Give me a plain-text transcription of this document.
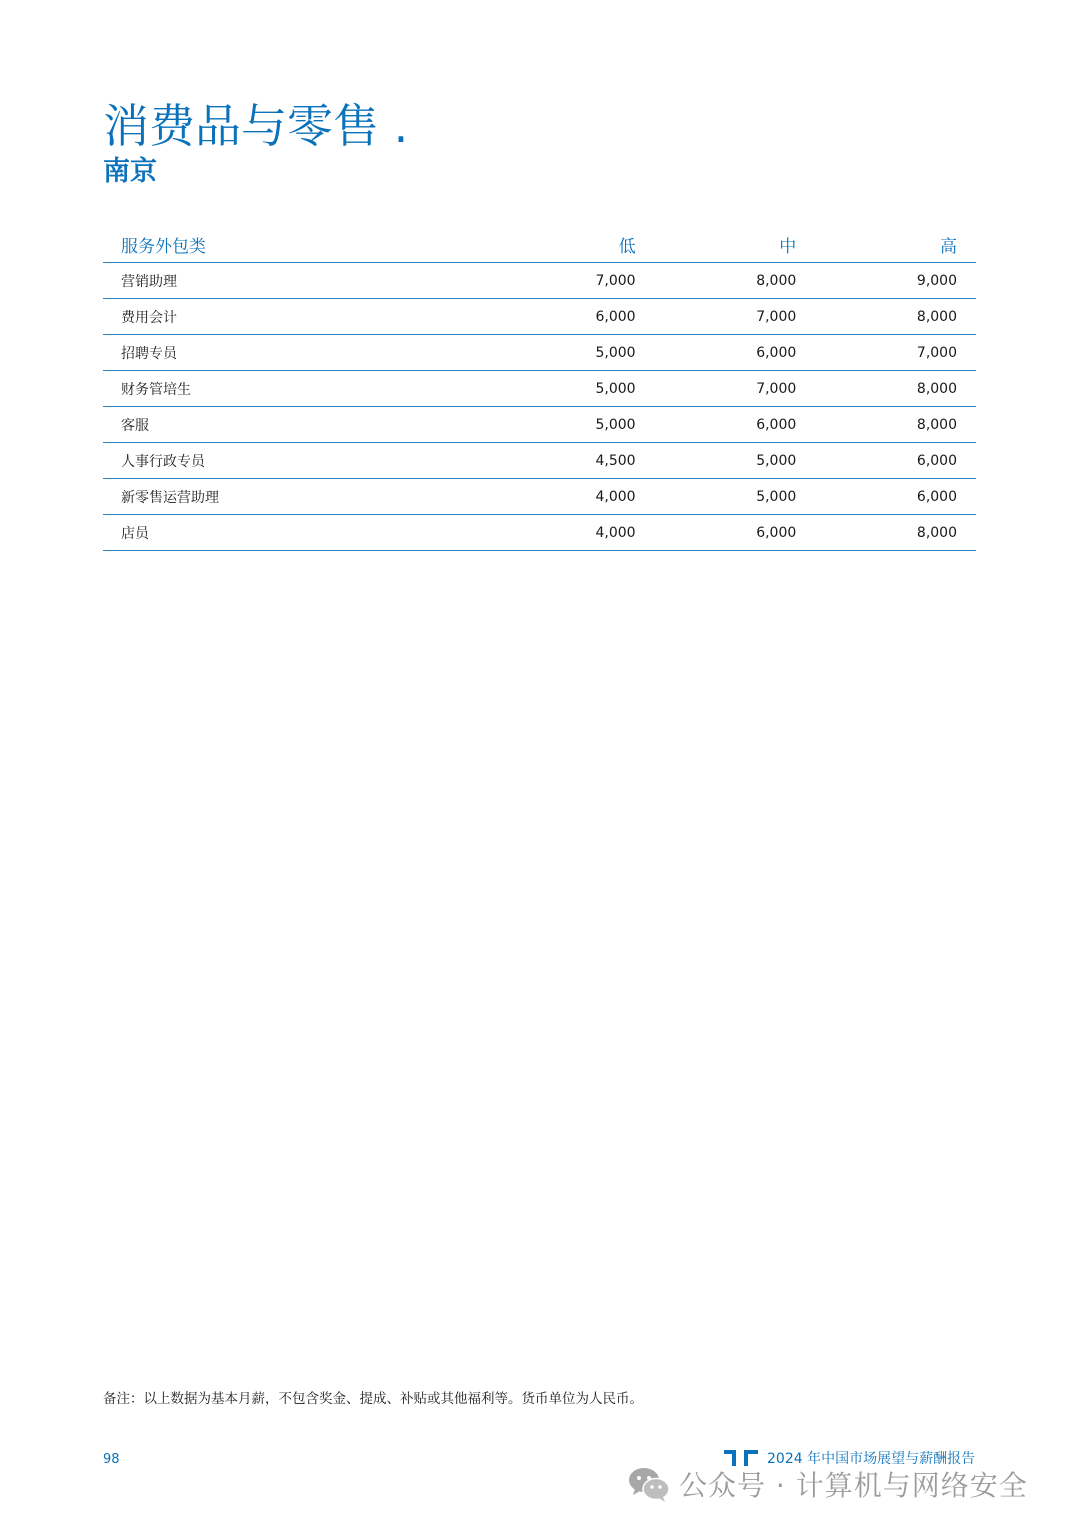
消费品与零售 .
南京
服务外包类	低	中	高
营销助理	7,000	8,000	9,000
费用会计	6,000	7,000	8,000
招聘专员	5,000	6,000	7,000
财务管培生	5,000	7,000	8,000
客服	5,000	6,000	8,000
人事行政专员	4,500	5,000	6,000
新零售运营助理	4,000	5,000	6,000
店员	4,000	6,000	8,000

备注：以上数据为基本月薪，不包含奖金、提成、补贴或其他福利等。货币单位为人民币。

98	2024 年中国市场展望与薪酬报告
公众号 · 计算机与网络安全
